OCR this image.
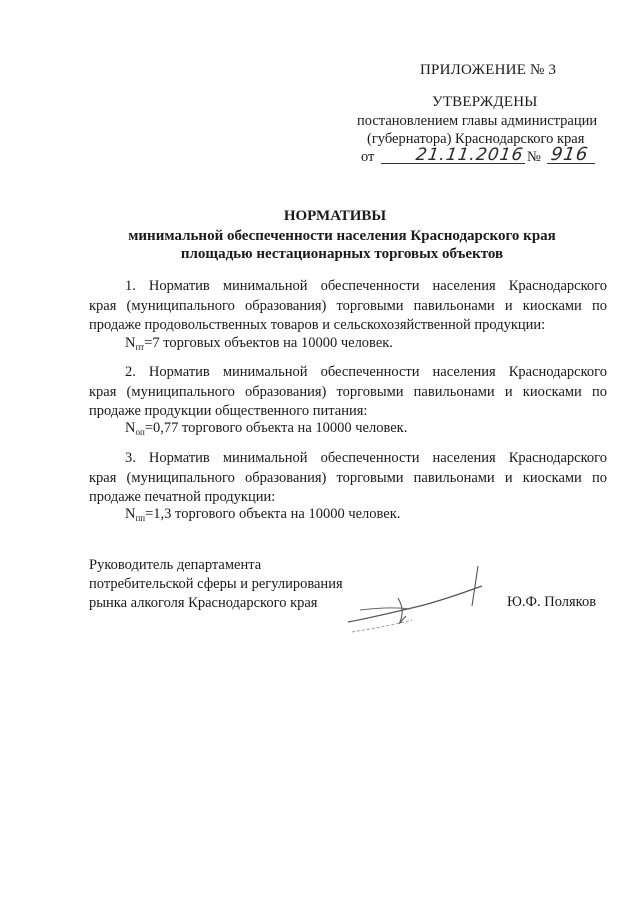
ПРИЛОЖЕНИЕ № 3
УТВЕРЖДЕНЫ
постановлением главы администрации
(губернатора) Краснодарского края
от 21.11.2016 № 916
НОРМАТИВЫ
минимальной обеспеченности населения Краснодарского края
площадью нестационарных торговых объектов
1. Норматив минимальной обеспеченности населения Краснодарского
края (муниципального образования) торговыми павильонами и киосками по
продаже продовольственных товаров и сельскохозяйственной продукции:
$N_{пт}=7$ торговых объектов на 10000 человек.
2. Норматив минимальной обеспеченности населения Краснодарского
края (муниципального образования) торговыми павильонами и киосками по
продаже продукции общественного питания:
$N_{оп}=0,77$ торгового объекта на 10000 человек.
3. Норматив минимальной обеспеченности населения Краснодарского
края (муниципального образования) торговыми павильонами и киосками по
продаже печатной продукции:
$N_{пп}=1,3$ торгового объекта на 10000 человек.
Руководитель департамента
потребительской сферы и регулирования
рынка алкоголя Краснодарского края	Ю.Ф. Поляков
